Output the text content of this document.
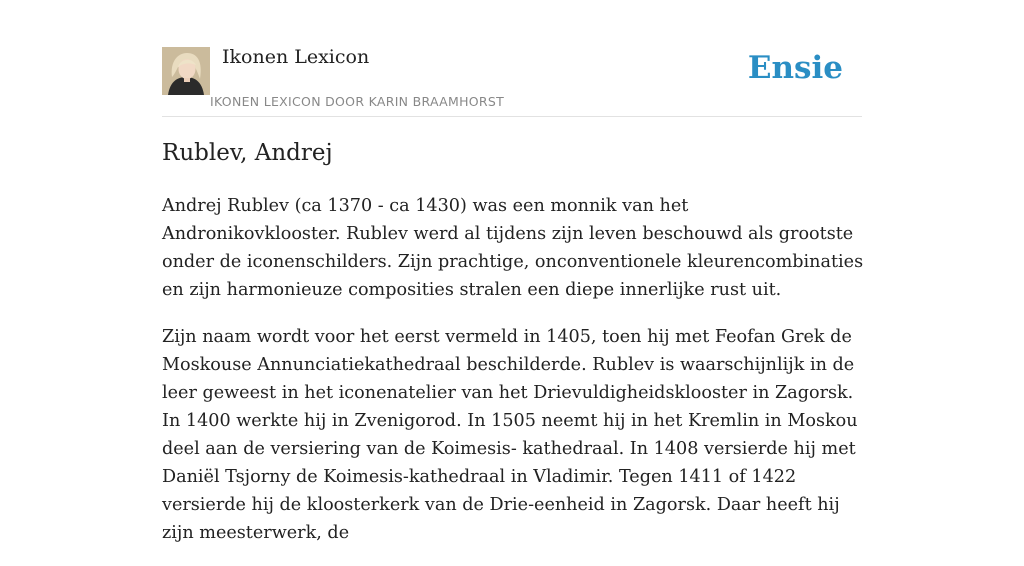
Ikonen Lexicon
IKONEN LEXICON DOOR KARIN BRAAMHORST
Ensie
Rublev, Andrej

Andrej Rublev (ca 1370 - ca 1430) was een monnik van het Andronikovklooster. Rublev werd al tijdens zijn leven beschouwd als grootste onder de iconenschilders. Zijn prachtige, onconventionele kleurencombinaties en zijn harmonieuze composities stralen een diepe innerlijke rust uit.

Zijn naam wordt voor het eerst vermeld in 1405, toen hij met Feofan Grek de Moskouse Annunciatiekathedraal beschilderde. Rublev is waarschijnlijk in de leer geweest in het iconenatelier van het Drievuldigheidsklooster in Zagorsk. In 1400 werkte hij in Zvenigorod. In 1505 neemt hij in het Kremlin in Moskou deel aan de versiering van de Koimesis- kathedraal. In 1408 versierde hij met Daniël Tsjorny de Koimesis-kathedraal in Vladimir. Tegen 1411 of 1422 versierde hij de kloosterkerk van de Drie-eenheid in Zagorsk. Daar heeft hij zijn meesterwerk, de
